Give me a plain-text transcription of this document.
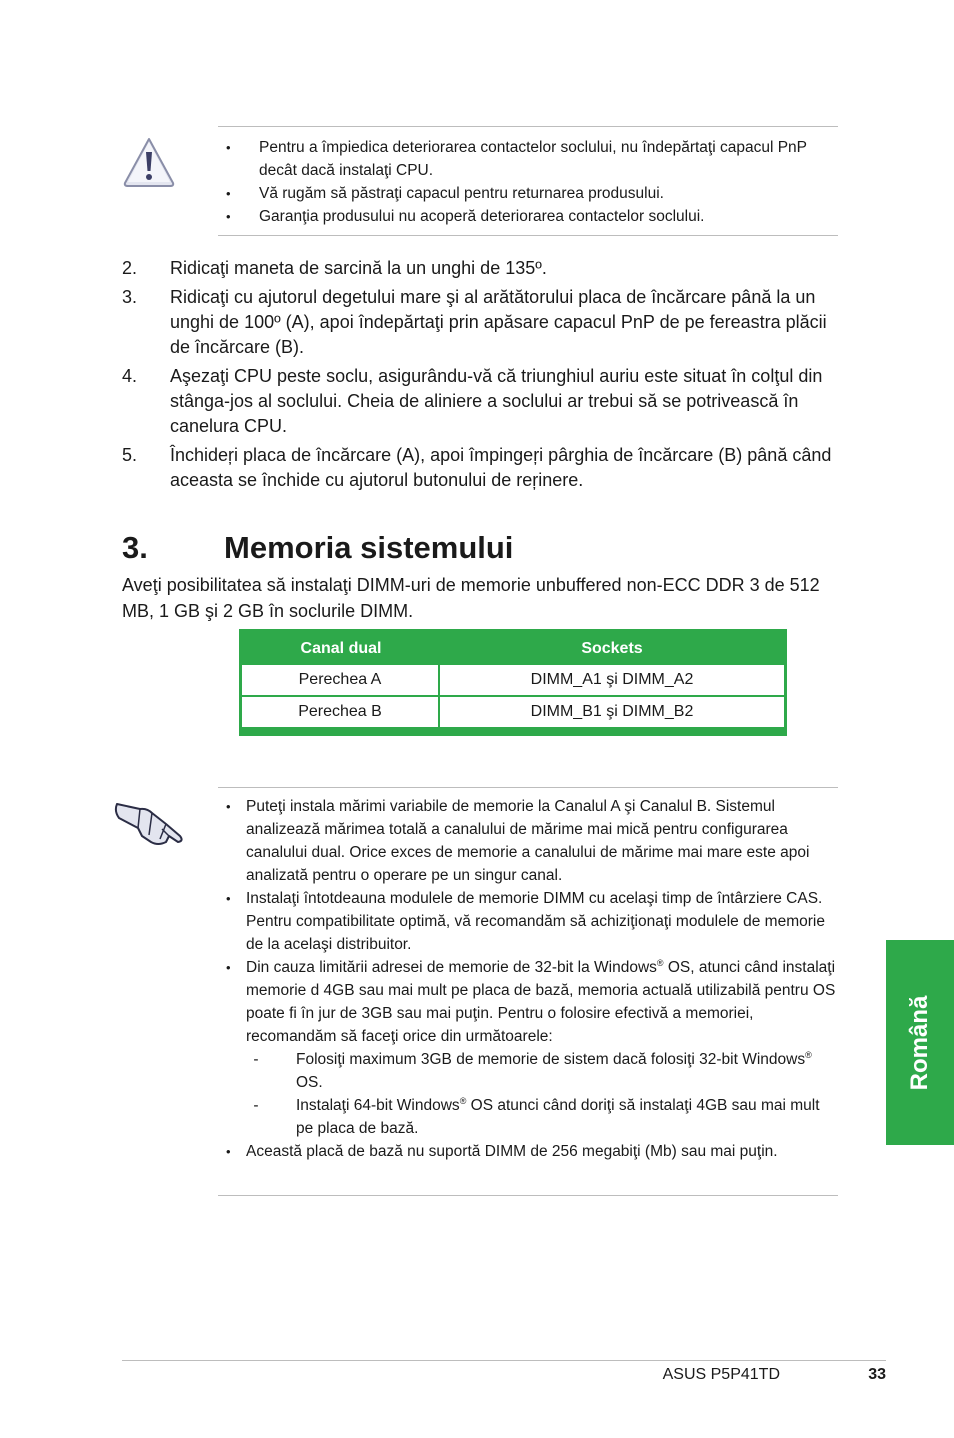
• Pentru a împiedica deteriorarea contactelor soclului, nu îndepărtaţi capacul PnP decât dacă instalaţi CPU.
• Vă rugăm să păstraţi capacul pentru returnarea produsului.
• Garanţia produsului nu acoperă deteriorarea contactelor soclului.
2.	Ridicaţi maneta de sarcină la un unghi de 135º.
3.	Ridicaţi cu ajutorul degetului mare şi al arătătorului placa de încărcare până la un unghi de 100º (A), apoi îndepărtaţi prin apăsare capacul PnP de pe fereastra plăcii de încărcare (B).
4.	Aşezaţi CPU peste soclu, asigurându-vă că triunghiul auriu este situat în colţul din stânga-jos al soclului. Cheia de aliniere a soclului ar trebui să se potrivească în canelura CPU.
5.	Închideŗi placa de încărcare (A), apoi împingeŗi pârghia de încărcare (B) până când aceasta se închide cu ajutorul butonului de reŗinere.
3. Memoria sistemului
Aveţi posibilitatea să instalaţi DIMM-uri de memorie unbuffered non-ECC DDR 3 de 512 MB, 1 GB şi 2 GB în soclurile DIMM.
Canal dual	Sockets
Perechea A	DIMM_A1 şi DIMM_A2
Perechea B	DIMM_B1 şi DIMM_B2
• Puteţi instala mărimi variabile de memorie la Canalul A şi Canalul B. Sistemul analizează mărimea totală a canalului de mărime mai mică pentru configurarea canalului dual. Orice exces de memorie a canalului de mărime mai mare este apoi analizată pentru o operare pe un singur canal.
• Instalaţi întotdeauna modulele de memorie DIMM cu acelaşi timp de întârziere CAS. Pentru compatibilitate optimă, vă recomandăm să achiziţionaţi modulele de memorie de la acelaşi distribuitor.
• Din cauza limitării adresei de memorie de 32-bit la Windows® OS, atunci când instalaţi memorie d 4GB sau mai mult pe placa de bază, memoria actuală utilizabilă pentru OS poate fi în jur de 3GB sau mai puţin. Pentru o folosire efectivă a memoriei, recomandăm să faceţi orice din următoarele:
-	Folosiţi maximum 3GB de memorie de sistem dacă folosiţi 32-bit Windows® OS.
-	Instalaţi 64-bit Windows® OS atunci când doriţi să instalaţi 4GB sau mai mult pe placa de bază.
• Această placă de bază nu suportă DIMM de 256 megabiţi (Mb) sau mai puţin.
Română
ASUS P5P41TD	33
